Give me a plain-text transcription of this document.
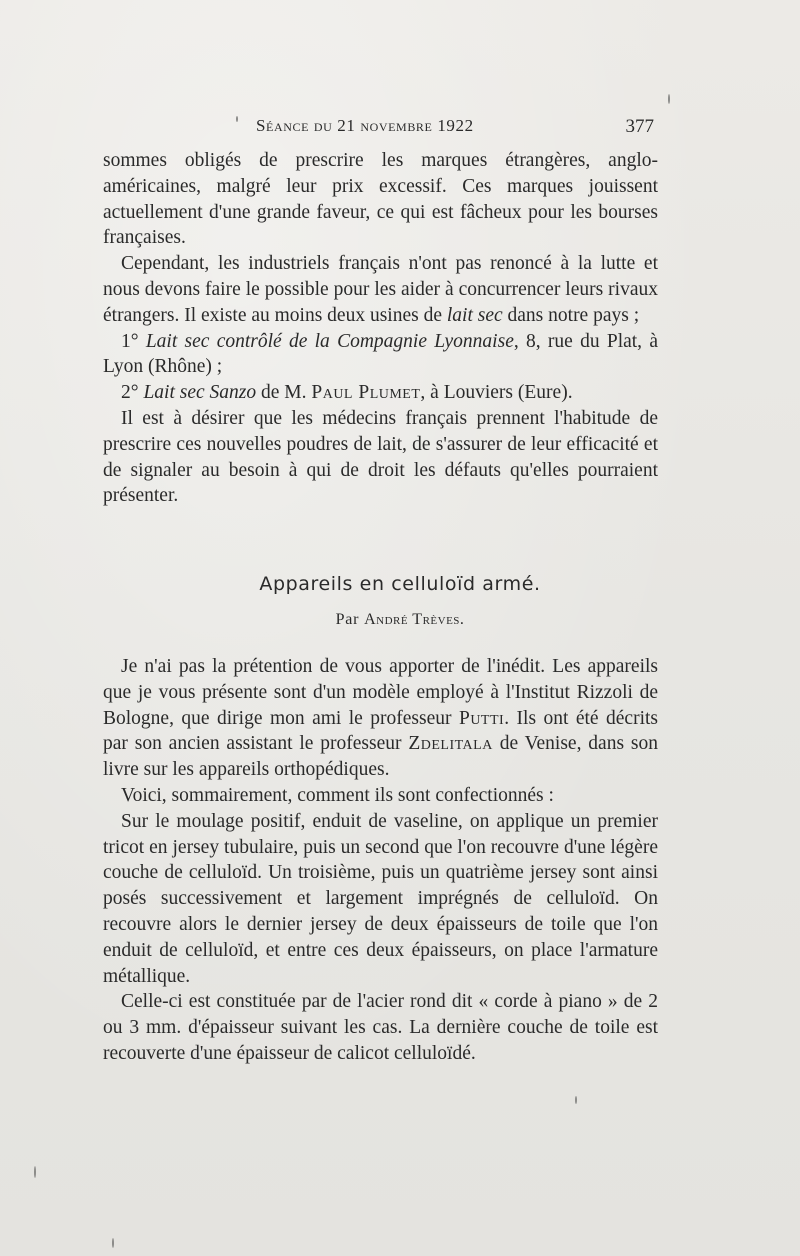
Séance du 21 novembre 1922	377

sommes obligés de prescrire les marques étrangères, anglo-américaines, malgré leur prix excessif. Ces marques jouissent actuellement d'une grande faveur, ce qui est fâcheux pour les bourses françaises.

Cependant, les industriels français n'ont pas renoncé à la lutte et nous devons faire le possible pour les aider à concurrencer leurs rivaux étrangers. Il existe au moins deux usines de lait sec dans notre pays ;

1° Lait sec contrôlé de la Compagnie Lyonnaise, 8, rue du Plat, à Lyon (Rhône) ;

2° Lait sec Sanzo de M. Paul Plumet, à Louviers (Eure).

Il est à désirer que les médecins français prennent l'habitude de prescrire ces nouvelles poudres de lait, de s'assurer de leur efficacité et de signaler au besoin à qui de droit les défauts qu'elles pourraient présenter.

Appareils en celluloïd armé.
Par André Trèves.

Je n'ai pas la prétention de vous apporter de l'inédit. Les appareils que je vous présente sont d'un modèle employé à l'Institut Rizzoli de Bologne, que dirige mon ami le professeur Putti. Ils ont été décrits par son ancien assistant le professeur Zdelitala de Venise, dans son livre sur les appareils orthopédiques.

Voici, sommairement, comment ils sont confectionnés :

Sur le moulage positif, enduit de vaseline, on applique un premier tricot en jersey tubulaire, puis un second que l'on recouvre d'une légère couche de celluloïd. Un troisième, puis un quatrième jersey sont ainsi posés successivement et largement imprégnés de celluloïd. On recouvre alors le dernier jersey de deux épaisseurs de toile que l'on enduit de celluloïd, et entre ces deux épaisseurs, on place l'armature métallique.

Celle-ci est constituée par de l'acier rond dit « corde à piano » de 2 ou 3 mm. d'épaisseur suivant les cas. La dernière couche de toile est recouverte d'une épaisseur de calicot celluloïdé.
